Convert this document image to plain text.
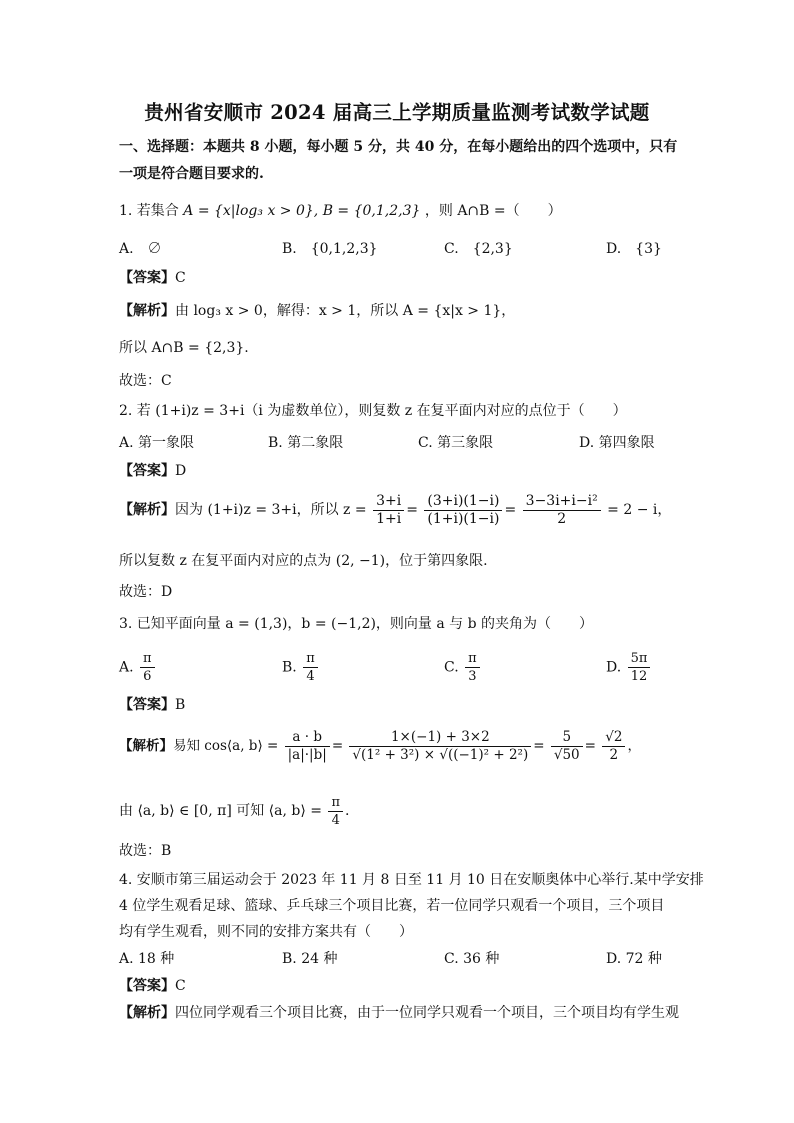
贵州省安顺市 2024 届高三上学期质量监测考试数学试题
一、选择题：本题共 8 小题，每小题 5 分，共 40 分，在每小题给出的四个选项中，只有
一项是符合题目要求的.
1. 若集合 A = {x|log₃ x > 0}, B = {0,1,2,3} ，则 A∩B =（　　）
A.　∅	B.　{0,1,2,3}	C.　{2,3}	D.　{3}
【答案】C
【解析】由 log₃ x > 0，解得：x > 1，所以 A = {x|x > 1}，
所以 A∩B = {2,3}.
故选：C
2. 若 (1+i)z = 3+i（i 为虚数单位），则复数 z 在复平面内对应的点位于（　　）
A. 第一象限	B. 第二象限	C. 第三象限	D. 第四象限
【答案】D
【解析】因为 (1+i)z = 3+i，所以 $z = \frac{3+i}{1+i} = \frac{(3+i)(1-i)}{(1+i)(1-i)} = \frac{\text{3−3i+i−i²}}{2} = 2 - i$，
所以复数 z 在复平面内对应的点为 (2, −1)，位于第四象限.
故选：D
3. 已知平面向量 a = (1,3)，b = (−1,2)，则向量 a 与 b 的夹角为（　　）
A. $\frac{\pi}{6}$	B. $\frac{\pi}{4}$	C. $\frac{\pi}{3}$	D. $\frac{5\pi}{12}$
【答案】B
【解析】易知 cos⟨a, b⟩ = $\frac{a \cdot b}{|a|\cdot|b|} = \frac{1\times(-1) + 3\times 2}{\text{√(1² + 3²) × √((−1)² + 2²)}} = \frac{5}{√50} = \frac{√2}{2}$ ，
由 ⟨a, b⟩ ∈ [0, π] 可知 ⟨a, b⟩ = $\frac{\pi}{4}$ .
故选：B
4. 安顺市第三届运动会于 2023 年 11 月 8 日至 11 月 10 日在安顺奥体中心举行.某中学安排
4 位学生观看足球、篮球、乒乓球三个项目比赛，若一位同学只观看一个项目，三个项目
均有学生观看，则不同的安排方案共有（　　）
A. 18 种	B. 24 种	C. 36 种	D. 72 种
【答案】C
【解析】四位同学观看三个项目比赛，由于一位同学只观看一个项目，三个项目均有学生观
